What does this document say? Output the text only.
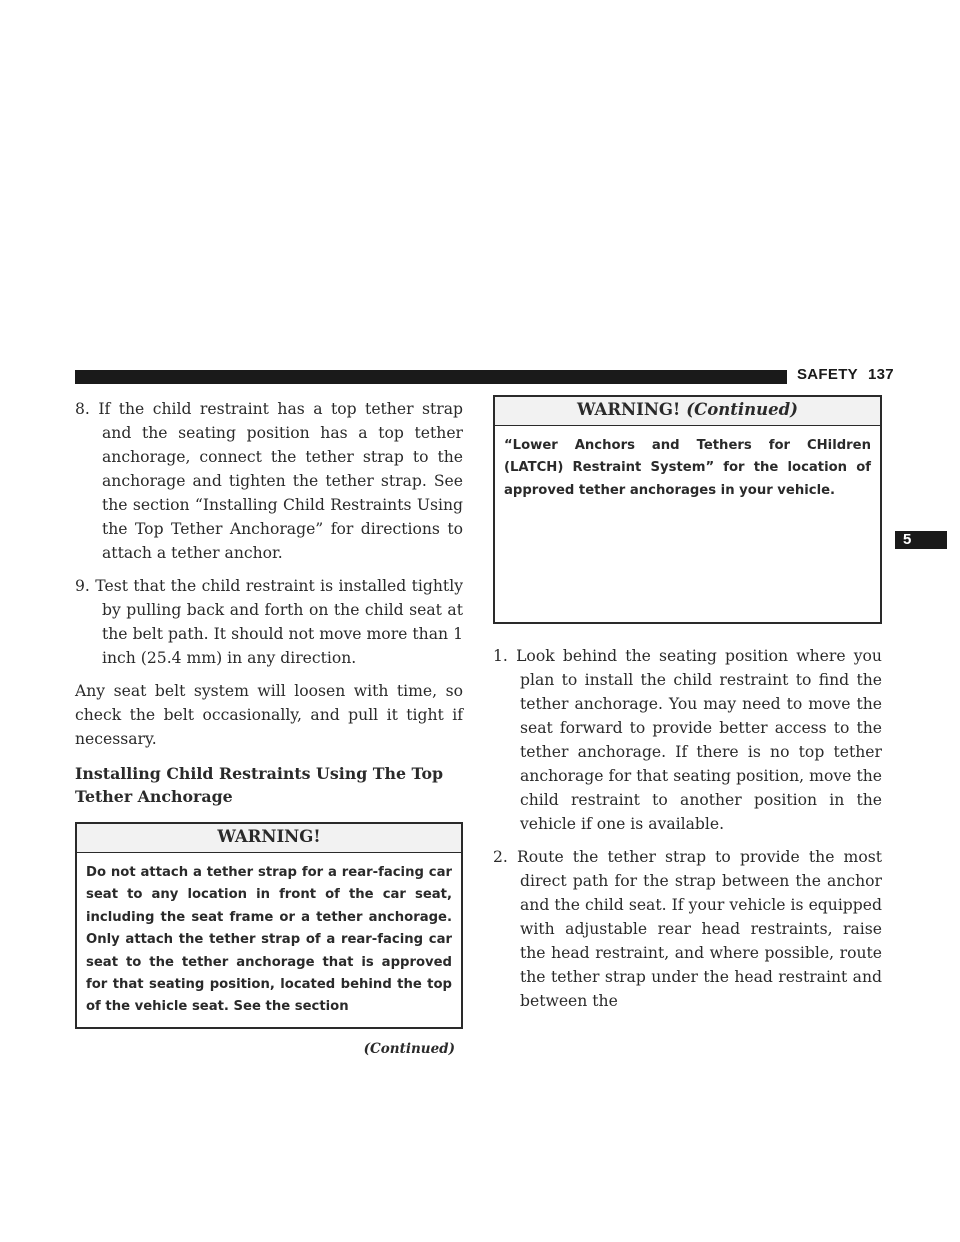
SAFETY 137
5

8. If the child restraint has a top tether strap and the seating position has a top tether anchorage, connect the tether strap to the anchorage and tighten the tether strap. See the section “Installing Child Restraints Using the Top Tether Anchorage” for directions to attach a tether anchor.

9. Test that the child restraint is installed tightly by pulling back and forth on the child seat at the belt path. It should not move more than 1 inch (25.4 mm) in any direction.

Any seat belt system will loosen with time, so check the belt occasionally, and pull it tight if necessary.

Installing Child Restraints Using The Top Tether Anchorage
WARNING!
Do not attach a tether strap for a rear-facing car seat to any location in front of the car seat, including the seat frame or a tether anchorage. Only attach the tether strap of a rear-facing car seat to the tether anchorage that is approved for that seating position, located behind the top of the vehicle seat. See the section
(Continued)
WARNING! (Continued)
“Lower Anchors and Tethers for CHildren (LATCH) Restraint System” for the location of approved tether anchorages in your vehicle.

1. Look behind the seating position where you plan to install the child restraint to find the tether anchorage. You may need to move the seat forward to provide better access to the tether anchorage. If there is no top tether anchorage for that seating position, move the child restraint to another position in the vehicle if one is available.

2. Route the tether strap to provide the most direct path for the strap between the anchor and the child seat. If your vehicle is equipped with adjustable rear head restraints, raise the head restraint, and where possible, route the tether strap under the head restraint and between the
